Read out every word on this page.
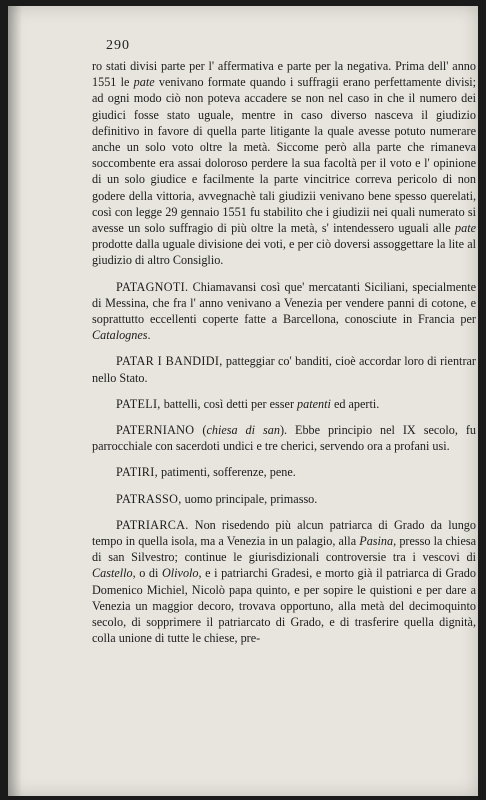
290

ro stati divisi parte per l' affermativa e parte per la negativa. Prima dell' anno 1551 le pate venivano formate quando i suffragii erano perfettamente divisi; ad ogni modo ciò non poteva accadere se non nel caso in che il numero dei giudici fosse stato uguale, mentre in caso diverso nasceva il giudizio definitivo in favore di quella parte litigante la quale avesse potuto numerare anche un solo voto oltre la metà. Siccome però alla parte che rimaneva soccombente era assai doloroso perdere la sua facoltà per il voto e l' opinione di un solo giudice e facilmente la parte vincitrice correva pericolo di non godere della vittoria, avvegnachè tali giudizii venivano bene spesso querelati, così con legge 29 gennaio 1551 fu stabilito che i giudizii nei quali numerato si avesse un solo suffragio di più oltre la metà, s' intendessero uguali alle pate prodotte dalla uguale divisione dei voti, e per ciò doversi assoggettare la lite al giudizio di altro Consiglio.

PATAGNOTI. Chiamavansi così que' mercatanti Siciliani, specialmente di Messina, che fra l' anno venivano a Venezia per vendere panni di cotone, e soprattutto eccellenti coperte fatte a Barcellona, conosciute in Francia per Catalognes.

PATAR I BANDIDI, patteggiar co' banditi, cioè accordar loro di rientrar nello Stato.

PATELI, battelli, così detti per esser patenti ed aperti.

PATERNIANO (chiesa di san). Ebbe principio nel IX secolo, fu parrocchiale con sacerdoti undici e tre cherici, servendo ora a profani usi.

PATIRI, patimenti, sofferenze, pene.

PATRASSO, uomo principale, primasso.

PATRIARCA. Non risedendo più alcun patriarca di Grado da lungo tempo in quella isola, ma a Venezia in un palagio, alla Pasina, presso la chiesa di san Silvestro; continue le giurisdizionali controversie tra i vescovi di Castello, o di Olivolo, e i patriarchi Gradesi, e morto già il patriarca di Grado Domenico Michiel, Nicolò papa quinto, e per sopire le quistioni e per dare a Venezia un maggior decoro, trovava opportuno, alla metà del decimoquinto secolo, di sopprimere il patriarcato di Grado, e di trasferire quella dignità, colla unione di tutte le chiese, pre-
